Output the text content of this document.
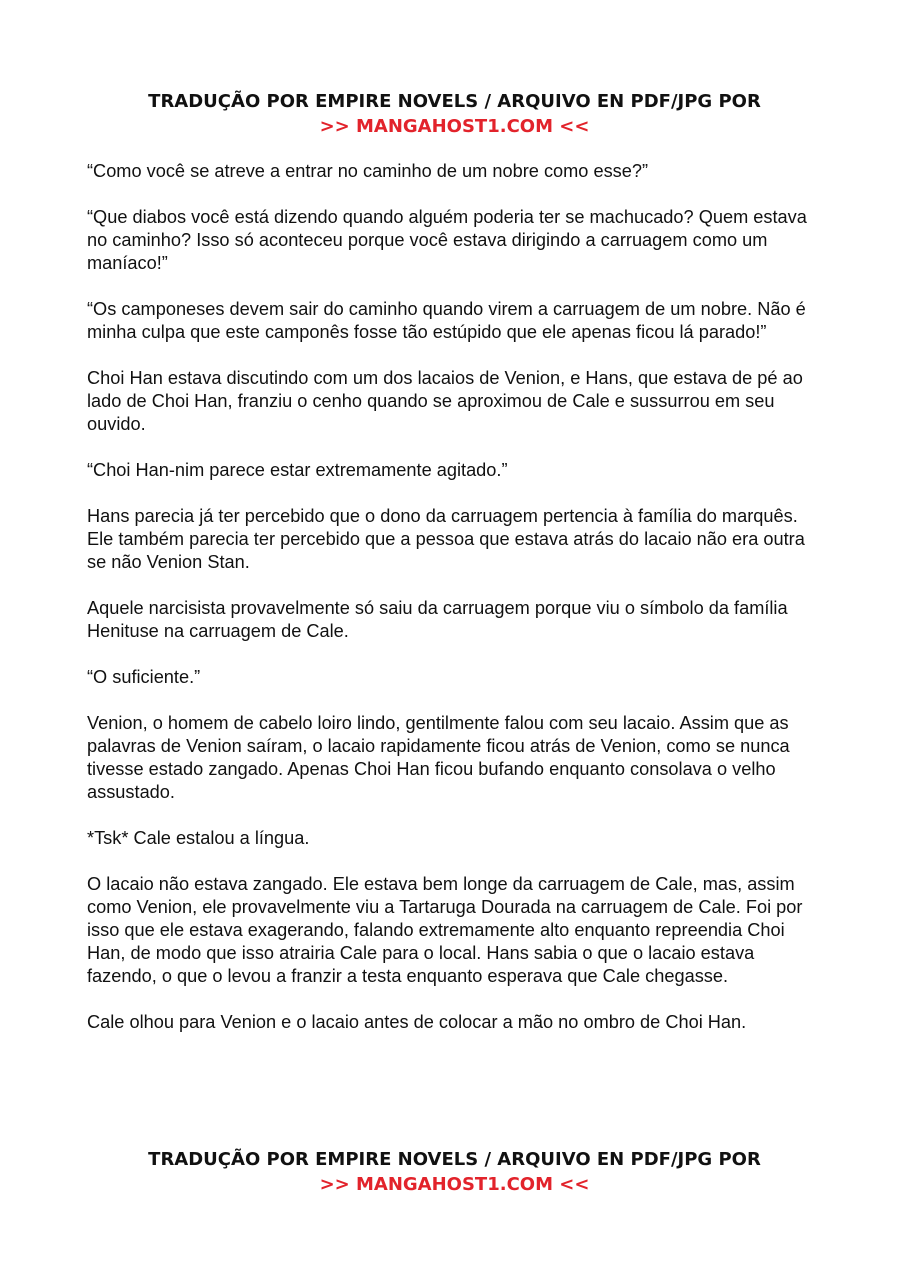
TRADUÇÃO POR EMPIRE NOVELS / ARQUIVO EN PDF/JPG POR
>> MANGAHOST1.COM <<

“Como você se atreve a entrar no caminho de um nobre como esse?”

“Que diabos você está dizendo quando alguém poderia ter se machucado? Quem estava no caminho? Isso só aconteceu porque você estava dirigindo a carruagem como um maníaco!”

“Os camponeses devem sair do caminho quando virem a carruagem de um nobre. Não é minha culpa que este camponês fosse tão estúpido que ele apenas ficou lá parado!”

Choi Han estava discutindo com um dos lacaios de Venion, e Hans, que estava de pé ao lado de Choi Han, franziu o cenho quando se aproximou de Cale e sussurrou em seu ouvido.

“Choi Han-nim parece estar extremamente agitado.”

Hans parecia já ter percebido que o dono da carruagem pertencia à família do marquês. Ele também parecia ter percebido que a pessoa que estava atrás do lacaio não era outra se não Venion Stan.

Aquele narcisista provavelmente só saiu da carruagem porque viu o símbolo da família Henituse na carruagem de Cale.

“O suficiente.”

Venion, o homem de cabelo loiro lindo, gentilmente falou com seu lacaio. Assim que as palavras de Venion saíram, o lacaio rapidamente ficou atrás de Venion, como se nunca tivesse estado zangado. Apenas Choi Han ficou bufando enquanto consolava o velho assustado.

*Tsk* Cale estalou a língua.

O lacaio não estava zangado. Ele estava bem longe da carruagem de Cale, mas, assim como Venion, ele provavelmente viu a Tartaruga Dourada na carruagem de Cale. Foi por isso que ele estava exagerando, falando extremamente alto enquanto repreendia Choi Han, de modo que isso atrairia Cale para o local. Hans sabia o que o lacaio estava fazendo, o que o levou a franzir a testa enquanto esperava que Cale chegasse.

Cale olhou para Venion e o lacaio antes de colocar a mão no ombro de Choi Han.

TRADUÇÃO POR EMPIRE NOVELS / ARQUIVO EN PDF/JPG POR
>> MANGAHOST1.COM <<
